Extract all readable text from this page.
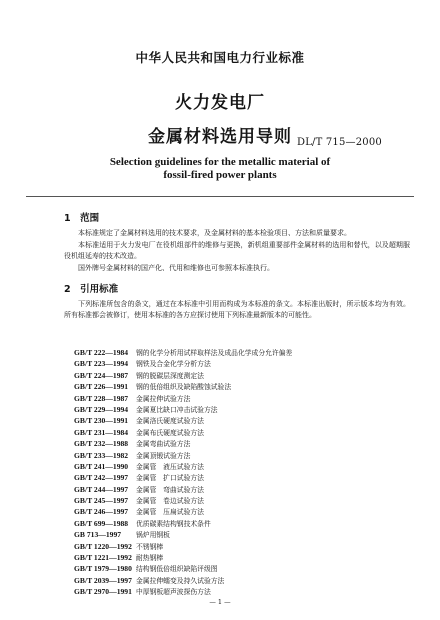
中华人民共和国电力行业标准
火力发电厂
金属材料选用导则 DL/T 715—2000
Selection guidelines for the metallic material of
fossil-fired power plants
1　范围
本标准规定了金属材料选用的技术要求，及金属材料的基本检验项目、方法和质量要求。
本标准适用于火力发电厂在役机组部件的维修与更换，新机组重要部件金属材料的选用和替代，以及超期服役机组延寿的技术改造。
国外牌号金属材料的国产化、代用和维修也可参照本标准执行。
2　引用标准
下列标准所包含的条文，通过在本标准中引用而构成为本标准的条文。本标准出版时，所示版本均为有效。所有标准都会被修订，使用本标准的各方应探讨使用下列标准最新版本的可能性。
GB/T 222—1984 钢的化学分析用试样取样法及成品化学成分允许偏差
GB/T 223—1994 钢铁及合金化学分析方法
GB/T 224—1987 钢的脱碳层深度测定法
GB/T 226—1991 钢的低倍组织及缺陷酸蚀试验法
GB/T 228—1987 金属拉伸试验方法
GB/T 229—1994 金属夏比缺口冲击试验方法
GB/T 230—1991 金属洛氏硬度试验方法
GB/T 231—1984 金属布氏硬度试验方法
GB/T 232—1988 金属弯曲试验方法
GB/T 233—1982 金属顶锻试验方法
GB/T 241—1990 金属管　液压试验方法
GB/T 242—1997 金属管　扩口试验方法
GB/T 244—1997 金属管　弯曲试验方法
GB/T 245—1997 金属管　卷边试验方法
GB/T 246—1997 金属管　压扁试验方法
GB/T 699—1988 优质碳素结构钢技术条件
GB 713—1997 锅炉用钢板
GB/T 1220—1992 不锈钢棒
GB/T 1221—1992 耐热钢棒
GB/T 1979—1980 结构钢低倍组织缺陷评级图
GB/T 2039—1997 金属拉伸蠕变及持久试验方法
GB/T 2970—1991 中厚钢板超声波探伤方法
— 1 —
